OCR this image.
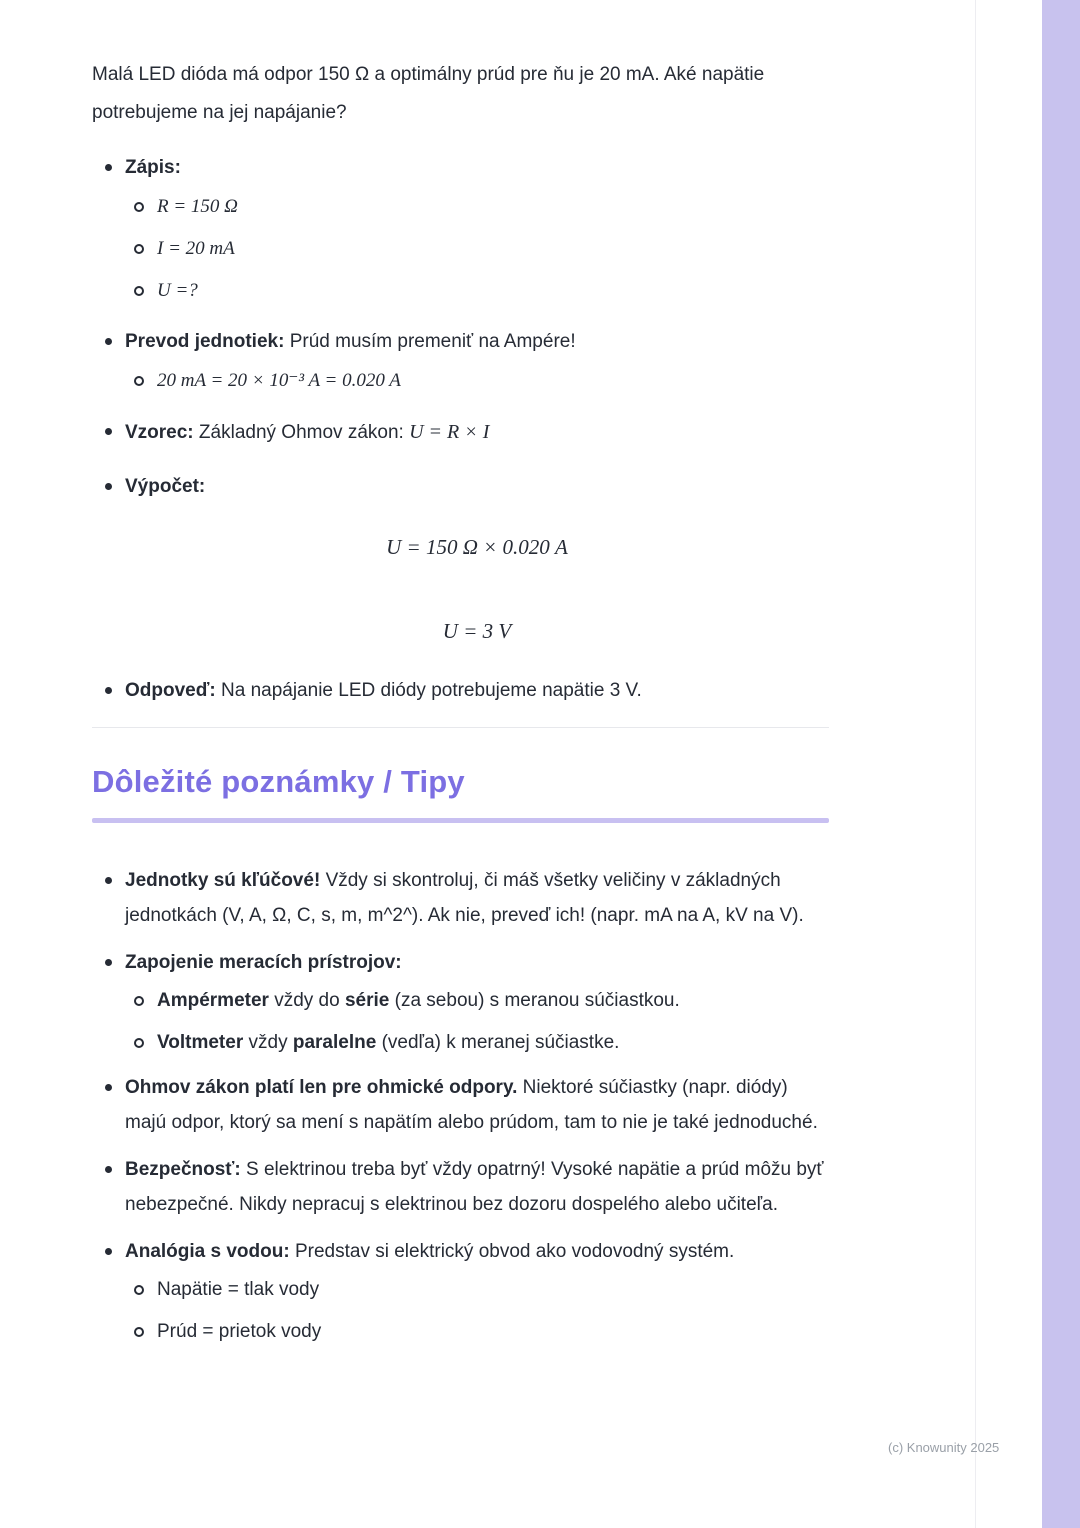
Malá LED dióda má odpor 150 Ω a optimálny prúd pre ňu je 20 mA. Aké napätie potrebujeme na jej napájanie?

Zápis:
R = 150 Ω
I = 20 mA
U =?
Prevod jednotiek: Prúd musím premeniť na Ampére!
20 mA = 20 × 10⁻³ A = 0.020 A
Vzorec: Základný Ohmov zákon: U = R × I
Výpočet:
U = 150 Ω × 0.020 A
U = 3 V
Odpoveď: Na napájanie LED diódy potrebujeme napätie 3 V.
Dôležité poznámky / Tipy
Jednotky sú kľúčové! Vždy si skontroluj, či máš všetky veličiny v základných jednotkách (V, A, Ω, C, s, m, m^2^). Ak nie, preveď ich! (napr. mA na A, kV na V).
Zapojenie meracích prístrojov:
Ampérmeter vždy do série (za sebou) s meranou súčiastkou.
Voltmeter vždy paralelne (vedľa) k meranej súčiastke.
Ohmov zákon platí len pre ohmické odpory. Niektoré súčiastky (napr. diódy) majú odpor, ktorý sa mení s napätím alebo prúdom, tam to nie je také jednoduché.
Bezpečnosť: S elektrinou treba byť vždy opatrný! Vysoké napätie a prúd môžu byť nebezpečné. Nikdy nepracuj s elektrinou bez dozoru dospelého alebo učiteľa.
Analógia s vodou: Predstav si elektrický obvod ako vodovodný systém.
Napätie = tlak vody
Prúd = prietok vody
(c) Knowunity 2025
